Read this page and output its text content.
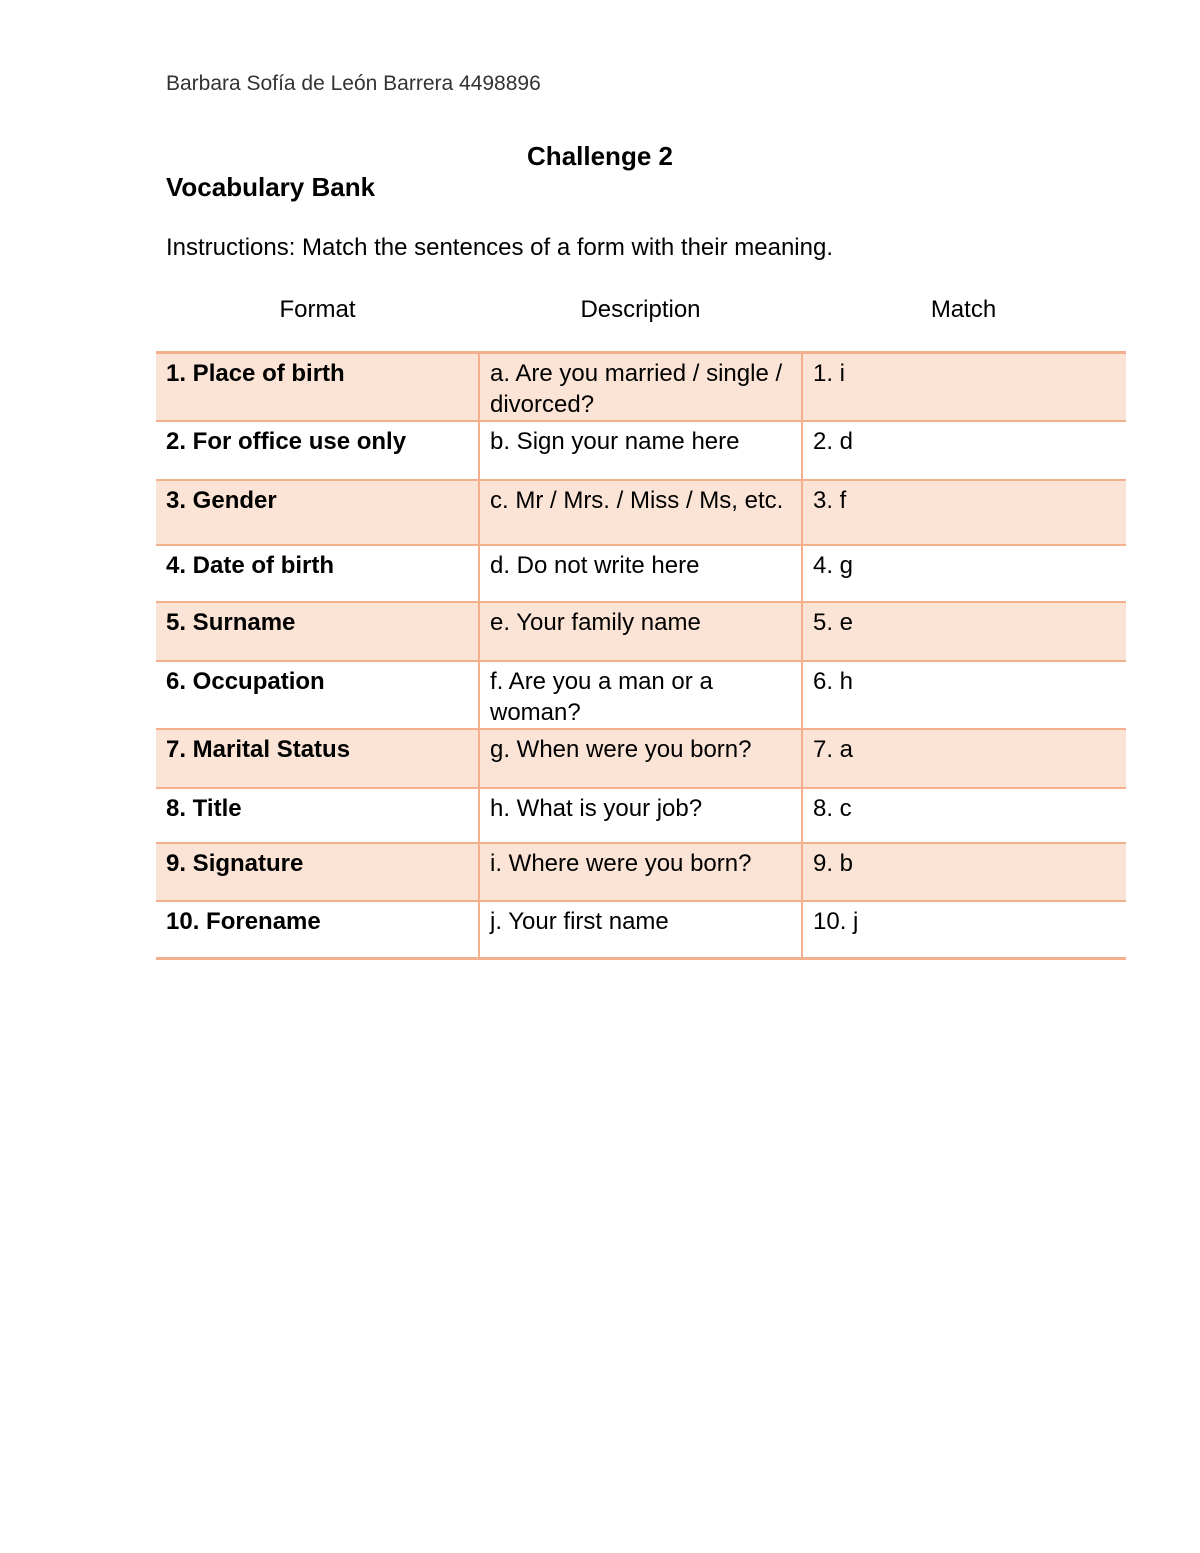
Barbara Sofía de León Barrera 4498896
Challenge 2
Vocabulary Bank
Instructions: Match the sentences of a form with their meaning.
Format	Description	Match
1. Place of birth	a. Are you married / single / divorced?	1. i
2. For office use only	b. Sign your name here	2. d
3. Gender	c. Mr / Mrs. / Miss / Ms, etc.	3. f
4. Date of birth	d. Do not write here	4. g
5. Surname	e. Your family name	5. e
6. Occupation	f. Are you a man or a woman?	6. h
7. Marital Status	g. When were you born?	7. a
8. Title	h. What is your job?	8. c
9. Signature	i. Where were you born?	9. b
10. Forename	j. Your first name	10. j
